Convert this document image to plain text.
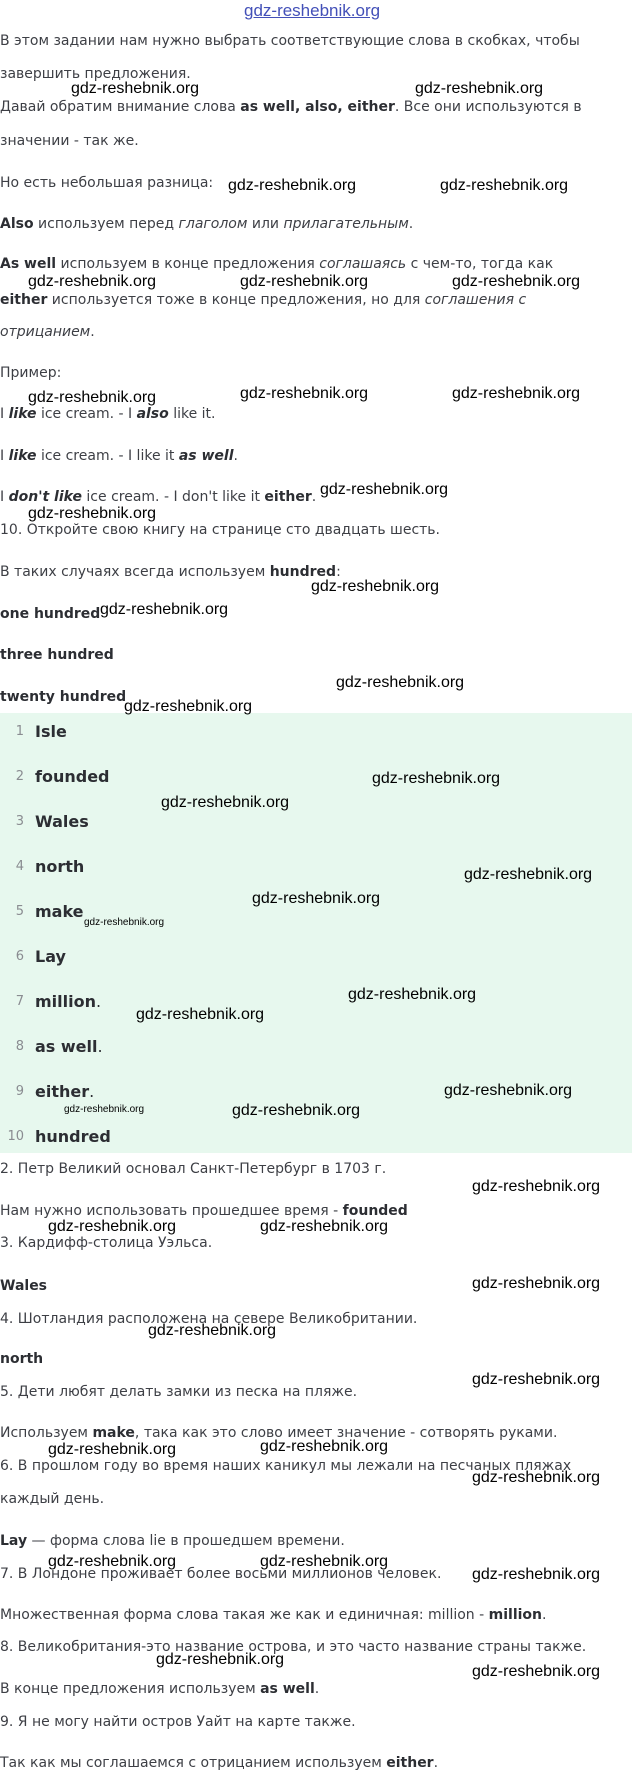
gdz-reshebnik.org

В этом задании нам нужно выбрать соответствующие слова в скобках, чтобы

завершить предложения.

Давай обратим внимание слова as well, also, either. Все они используются в

значении - так же.

Но есть небольшая разница:

Also используем перед глаголом или прилагательным.

As well используем в конце предложения соглашаясь с чем-то, тогда как

either используется тоже в конце предложения, но для соглашения с

отрицанием.

Пример:

I like ice cream. - I also like it.

I like ice cream. - I like it as well.

I don't like ice cream. - I don't like it either.

10. Откройте свою книгу на странице сто двадцать шесть.

В таких случаях всегда используем hundred:

one hundred

three hundred

twenty hundred

1 Isle
2 founded
3 Wales
4 north
5 make
6 Lay
7 million.
8 as well.
9 either.
10 hundred

2. Петр Великий основал Санкт-Петербург в 1703 г.

Нам нужно использовать прошедшее время - founded

3. Кардифф-столица Уэльса.

Wales

4. Шотландия расположена на севере Великобритании.

north

5. Дети любят делать замки из песка на пляже.

Используем make, така как это слово имеет значение - сотворять руками.

6. В прошлом году во время наших каникул мы лежали на песчаных пляжах

каждый день.

Lay — форма слова lie в прошедшем времени.

7. В Лондоне проживает более восьми миллионов человек.

Множественная форма слова такая же как и единичная: million - million.

8. Великобритания-это название острова, и это часто название страны также.

В конце предложения используем as well.

9. Я не могу найти остров Уайт на карте также.

Так как мы соглашаемся с отрицанием используем either.

gdz-reshebnik.org	gdz-reshebnik.org
gdz-reshebnik.org	gdz-reshebnik.org
gdz-reshebnik.org	gdz-reshebnik.org	gdz-reshebnik.org
gdz-reshebnik.org	gdz-reshebnik.org	gdz-reshebnik.org
gdz-reshebnik.org
gdz-reshebnik.org
gdz-reshebnik.org
gdz-reshebnik.org
gdz-reshebnik.org
gdz-reshebnik.org
gdz-reshebnik.org
gdz-reshebnik.org
gdz-reshebnik.org
gdz-reshebnik.org
gdz-reshebnik.org
gdz-reshebnik.org
gdz-reshebnik.org
gdz-reshebnik.org
gdz-reshebnik.org	gdz-reshebnik.org
gdz-reshebnik.org
gdz-reshebnik.org	gdz-reshebnik.org
gdz-reshebnik.org
gdz-reshebnik.org
gdz-reshebnik.org
gdz-reshebnik.org	gdz-reshebnik.org
gdz-reshebnik.org
gdz-reshebnik.org	gdz-reshebnik.org
gdz-reshebnik.org
gdz-reshebnik.org
gdz-reshebnik.org
